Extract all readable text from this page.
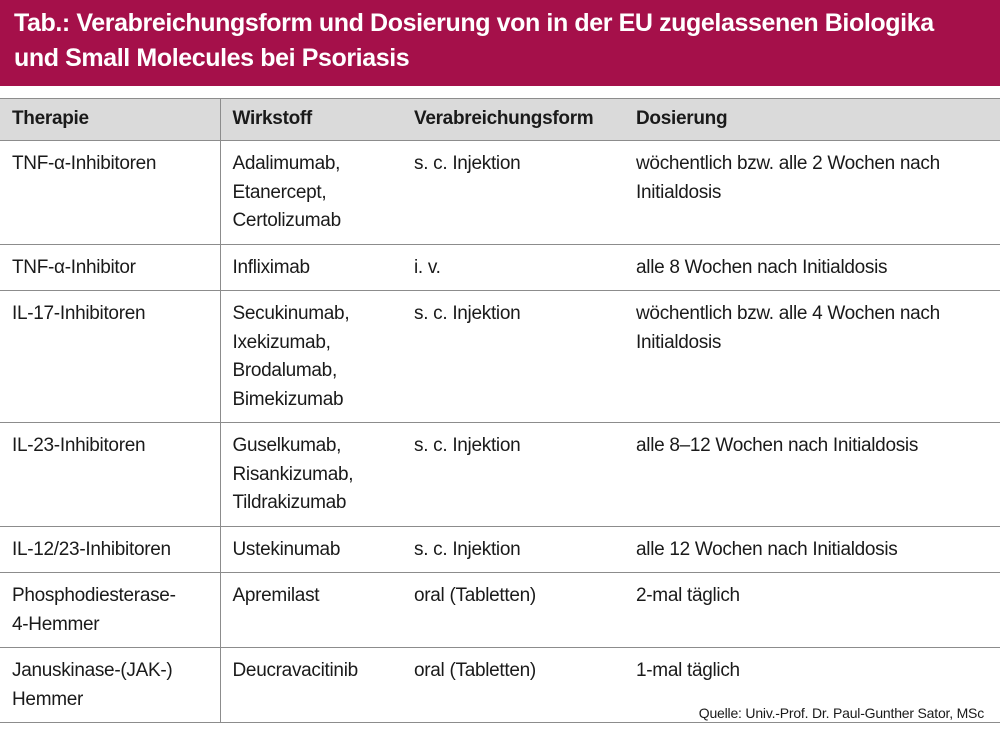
Tab.: Verabreichungsform und Dosierung von in der EU zugelassenen Biologika
und Small Molecules bei Psoriasis
Therapie	Wirkstoff	Verabreichungsform	Dosierung

TNF-α-Inhibitoren	Adalimumab,
Etanercept,
Certolizumab	s. c. Injektion	wöchentlich bzw. alle 2 Wochen nach
Initialdosis

TNF-α-Inhibitor	Infliximab	i. v.	alle 8 Wochen nach Initialdosis

IL-17-Inhibitoren	Secukinumab,
Ixekizumab,
Brodalumab,
Bimekizumab	s. c. Injektion	wöchentlich bzw. alle 4 Wochen nach
Initialdosis

IL-23-Inhibitoren	Guselkumab,
Risankizumab,
Tildrakizumab	s. c. Injektion	alle 8–12 Wochen nach Initialdosis

IL-12/23-Inhibitoren	Ustekinumab	s. c. Injektion	alle 12 Wochen nach Initialdosis

Phosphodiesterase-
4-Hemmer	Apremilast	oral (Tabletten)	2-mal täglich

Januskinase-(JAK-)
Hemmer	Deucravacitinib	oral (Tabletten)	1-mal täglich
Quelle: Univ.-Prof. Dr. Paul-Gunther Sator, MSc
